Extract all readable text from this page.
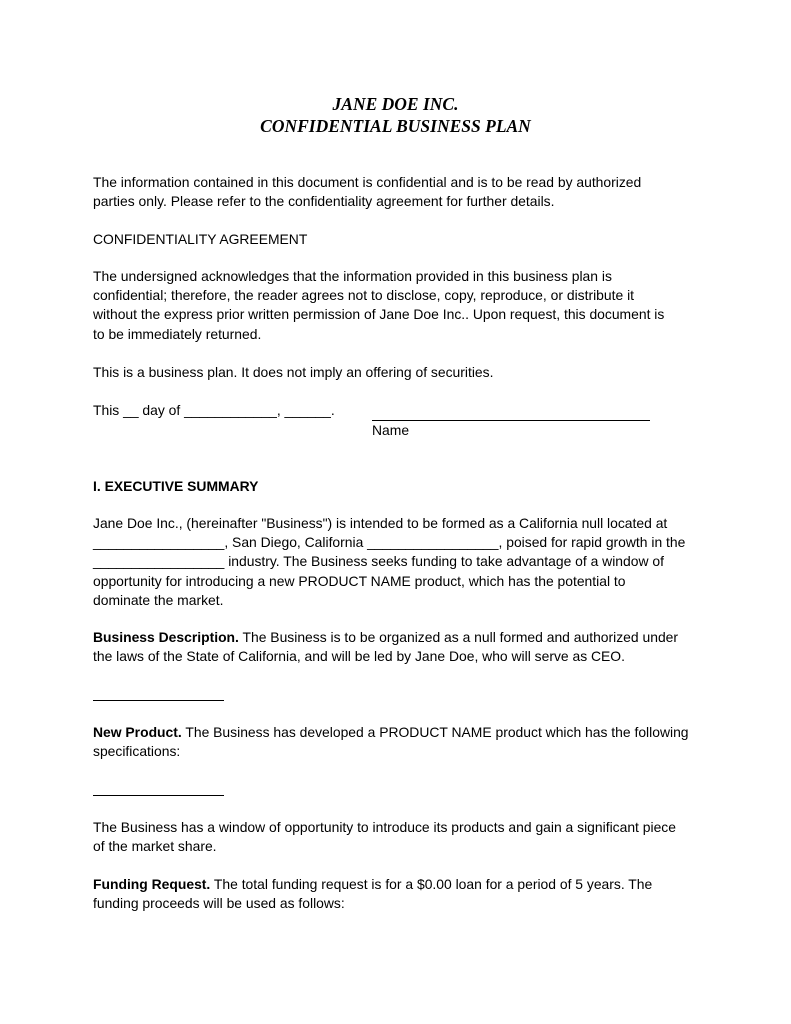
JANE DOE INC.
CONFIDENTIAL BUSINESS PLAN
The information contained in this document is confidential and is to be read by authorized
parties only. Please refer to the confidentiality agreement for further details.
CONFIDENTIALITY AGREEMENT
The undersigned acknowledges that the information provided in this business plan is
confidential; therefore, the reader agrees not to disclose, copy, reproduce, or distribute it
without the express prior written permission of Jane Doe Inc.. Upon request, this document is
to be immediately returned.
This is a business plan. It does not imply an offering of securities.
This __ day of ____________, ______.
Name
I. EXECUTIVE SUMMARY
Jane Doe Inc., (hereinafter "Business") is intended to be formed as a California null located at
_________________, San Diego, California _________________, poised for rapid growth in the
_________________ industry. The Business seeks funding to take advantage of a window of
opportunity for introducing a new PRODUCT NAME product, which has the potential to
dominate the market.
Business Description. The Business is to be organized as a null formed and authorized under
the laws of the State of California, and will be led by Jane Doe, who will serve as CEO.
New Product. The Business has developed a PRODUCT NAME product which has the following
specifications:
The Business has a window of opportunity to introduce its products and gain a significant piece
of the market share.
Funding Request. The total funding request is for a $0.00 loan for a period of 5 years. The
funding proceeds will be used as follows:
